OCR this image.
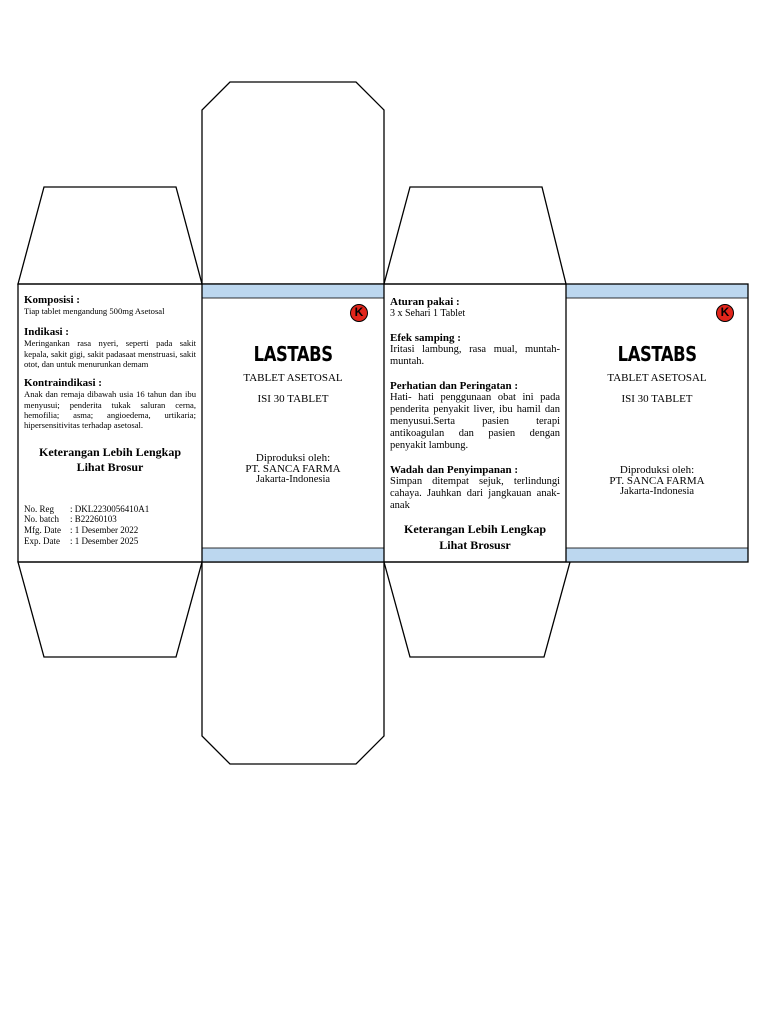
Komposisi :

Tiap tablet mengandung 500mg Asetosal

Indikasi :

Meringankan rasa nyeri, seperti pada sakit kepala, sakit gigi, sakit padasaat menstruasi, sakit otot, dan untuk menurunkan demam

Kontraindikasi :

Anak dan remaja dibawah usia 16 tahun dan ibu menyusui; penderita tukak saluran cerna, hemofilia; asma; angioedema, urtikaria; hipersensitivitas terhadap asetosal.

Keterangan Lebih Lengkap Lihat Brosur

No. Reg	: DKL2230056410A1
No. batch	: B22260103
Mfg. Date	: 1 Desember 2022
Exp. Date	: 1 Desember 2025
K
LASTABS
TABLET ASETOSAL
ISI 30 TABLET
Diproduksi oleh:
PT. SANCA FARMA
Jakarta-Indonesia

Aturan pakai :

3 x Sehari 1 Tablet

Efek samping :

Iritasi lambung, rasa mual, muntah-muntah.

Perhatian dan Peringatan :

Hati- hati penggunaan obat ini pada penderita penyakit liver, ibu hamil dan menyusui.Serta pasien terapi antikoagulan dan pasien dengan penyakit lambung.

Wadah dan Penyimpanan :

Simpan ditempat sejuk, terlindungi cahaya. Jauhkan dari jangkauan anak-anak

Keterangan Lebih Lengkap Lihat Brosusr

K
LASTABS
TABLET ASETOSAL
ISI 30 TABLET
Diproduksi oleh:
PT. SANCA FARMA
Jakarta-Indonesia
